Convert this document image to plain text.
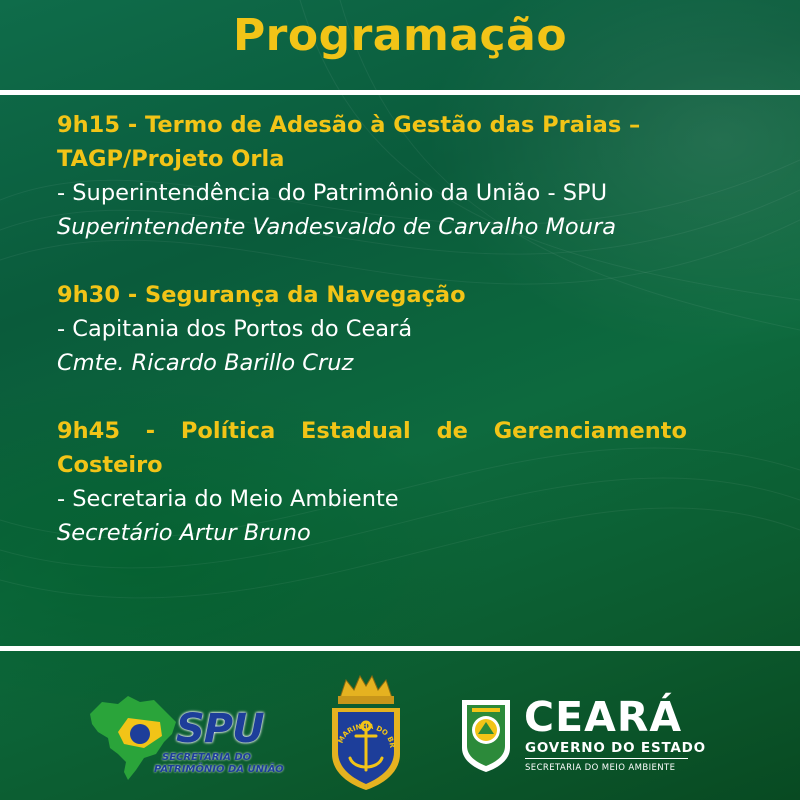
Programação
9h15 - Termo de Adesão à Gestão das Praias – TAGP/Projeto Orla
- Superintendência do Patrimônio da União - SPU
Superintendente Vandesvaldo de Carvalho Moura
9h30 - Segurança da Navegação
- Capitania dos Portos do Ceará
Cmte. Ricardo Barillo Cruz
9h45 - Política Estadual de Gerenciamento Costeiro
- Secretaria do Meio Ambiente
Secretário Artur Bruno
SPU
SECRETARIA DO
PATRIMÔNIO DA UNIÃO
MARINHA DO BR
CEARÁ
GOVERNO DO ESTADO
SECRETARIA DO MEIO AMBIENTE
